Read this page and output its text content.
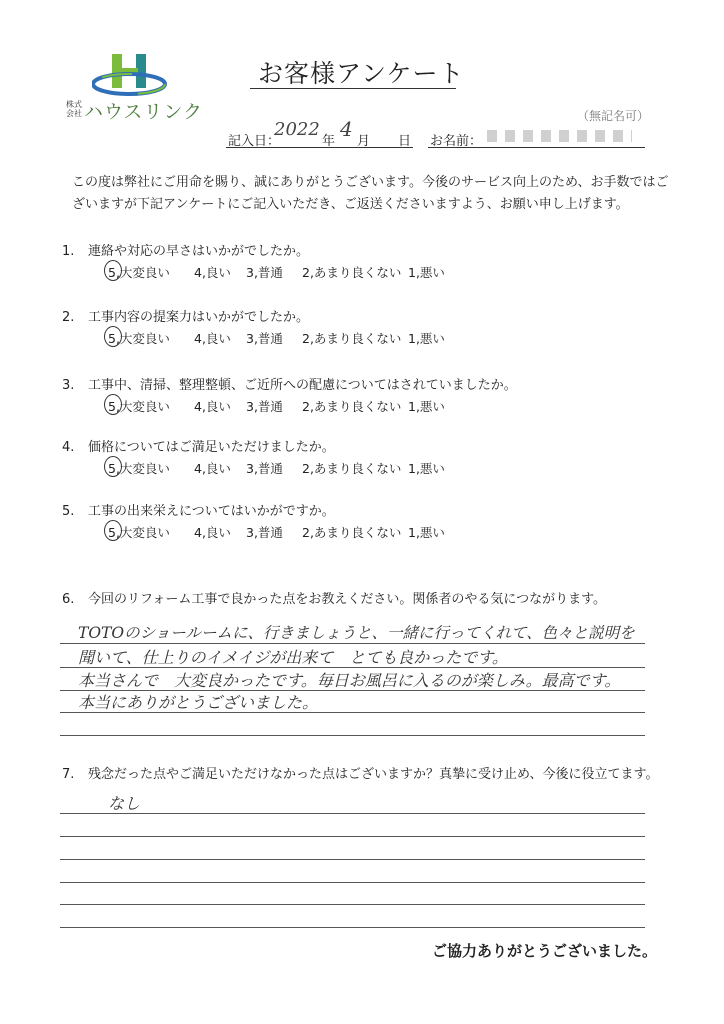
株式会社 ハウスリンク
お客様アンケート
（無記名可）
記入日：
2022
年
4
月 日 お名前：
この度は弊社にご用命を賜り、誠にありがとうございます。今後のサービス向上のため、お手数ではございますが下記アンケートにご記入いただき、ご返送くださいますよう、お願い申し上げます。
1. 連絡や対応の早さはいかがでしたか。
5,大変良い 4,良い 3,普通 2,あまり良くない 1,悪い
2. 工事内容の提案力はいかがでしたか。
5,大変良い 4,良い 3,普通 2,あまり良くない 1,悪い
3. 工事中、清掃、整理整頓、ご近所への配慮についてはされていましたか。
5,大変良い 4,良い 3,普通 2,あまり良くない 1,悪い
4. 価格についてはご満足いただけましたか。
5,大変良い 4,良い 3,普通 2,あまり良くない 1,悪い
5. 工事の出来栄えについてはいかがですか。
5,大変良い 4,良い 3,普通 2,あまり良くない 1,悪い
6. 今回のリフォーム工事で良かった点をお教えください。関係者のやる気につながります。
TOTOのショールームに、行きましょうと、一緒に行ってくれて、色々と説明を
聞いて、仕上りのイメイジが出来て　とても良かったです。
本当さんで　大変良かったです。毎日お風呂に入るのが楽しみ。最高です。
本当にありがとうございました。
7. 残念だった点やご満足いただけなかった点はございますか？真摯に受け止め、今後に役立てます。
なし
ご協力ありがとうございました。
